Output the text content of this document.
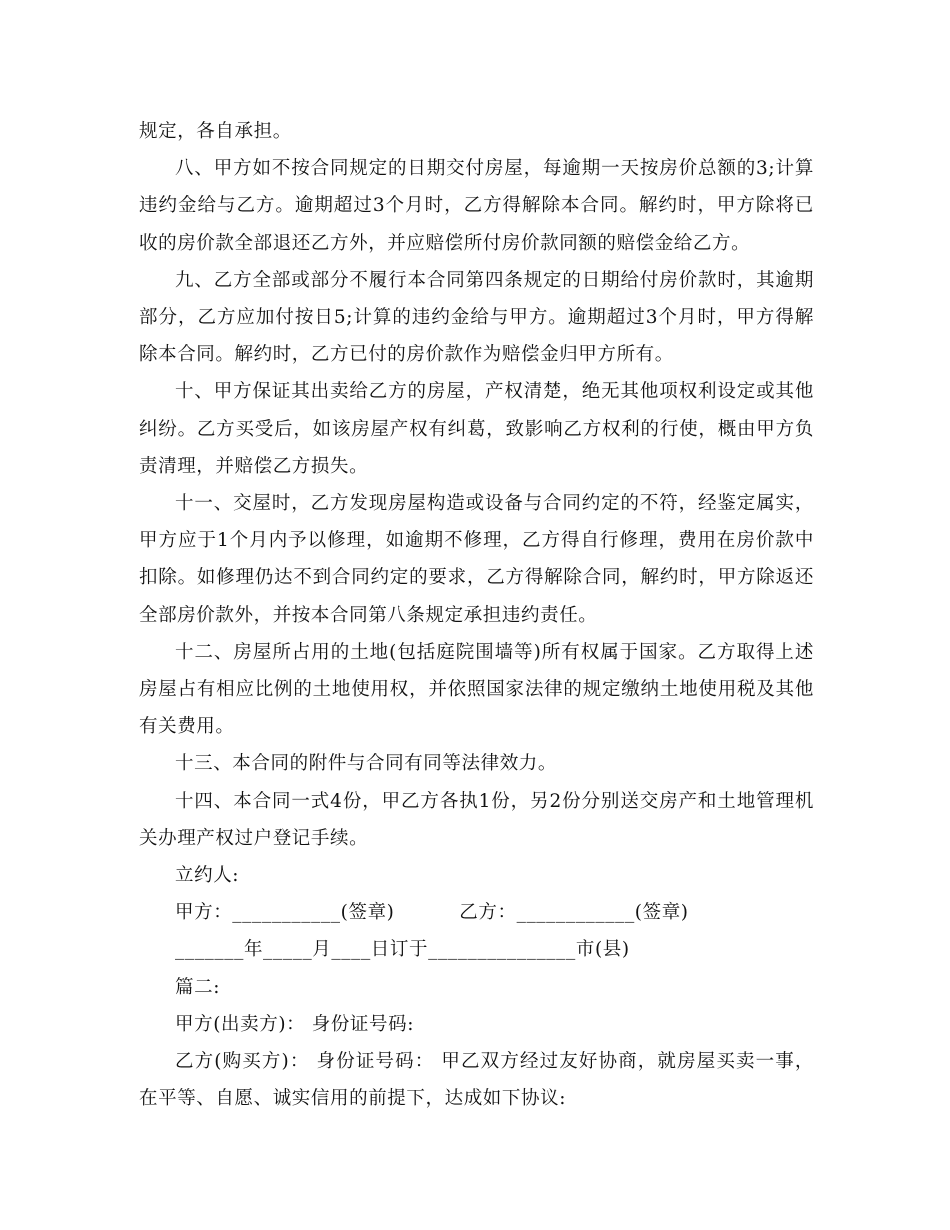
规定，各自承担。

八、甲方如不按合同规定的日期交付房屋，每逾期一天按房价总额的3;计算违约金给与乙方。逾期超过3个月时，乙方得解除本合同。解约时，甲方除将已收的房价款全部退还乙方外，并应赔偿所付房价款同额的赔偿金给乙方。

九、乙方全部或部分不履行本合同第四条规定的日期给付房价款时，其逾期部分，乙方应加付按日5;计算的违约金给与甲方。逾期超过3个月时，甲方得解除本合同。解约时，乙方已付的房价款作为赔偿金归甲方所有。

十、甲方保证其出卖给乙方的房屋，产权清楚，绝无其他项权利设定或其他纠纷。乙方买受后，如该房屋产权有纠葛，致影响乙方权利的行使，概由甲方负责清理，并赔偿乙方损失。

十一、交屋时，乙方发现房屋构造或设备与合同约定的不符，经鉴定属实，甲方应于1个月内予以修理，如逾期不修理，乙方得自行修理，费用在房价款中扣除。如修理仍达不到合同约定的要求，乙方得解除合同，解约时，甲方除返还全部房价款外，并按本合同第八条规定承担违约责任。

十二、房屋所占用的土地(包括庭院围墙等)所有权属于国家。乙方取得上述房屋占有相应比例的土地使用权，并依照国家法律的规定缴纳土地使用税及其他有关费用。

十三、本合同的附件与合同有同等法律效力。

十四、本合同一式4份，甲乙方各执1份，另2份分别送交房产和土地管理机关办理产权过户登记手续。

立约人:

甲方：___________(签章)          乙方：____________(签章)

_______年_____月____日订于_______________市(县)

篇二:

甲方(出卖方)： 身份证号码:

乙方(购买方)： 身份证号码： 甲乙双方经过友好协商，就房屋买卖一事，在平等、自愿、诚实信用的前提下，达成如下协议:
